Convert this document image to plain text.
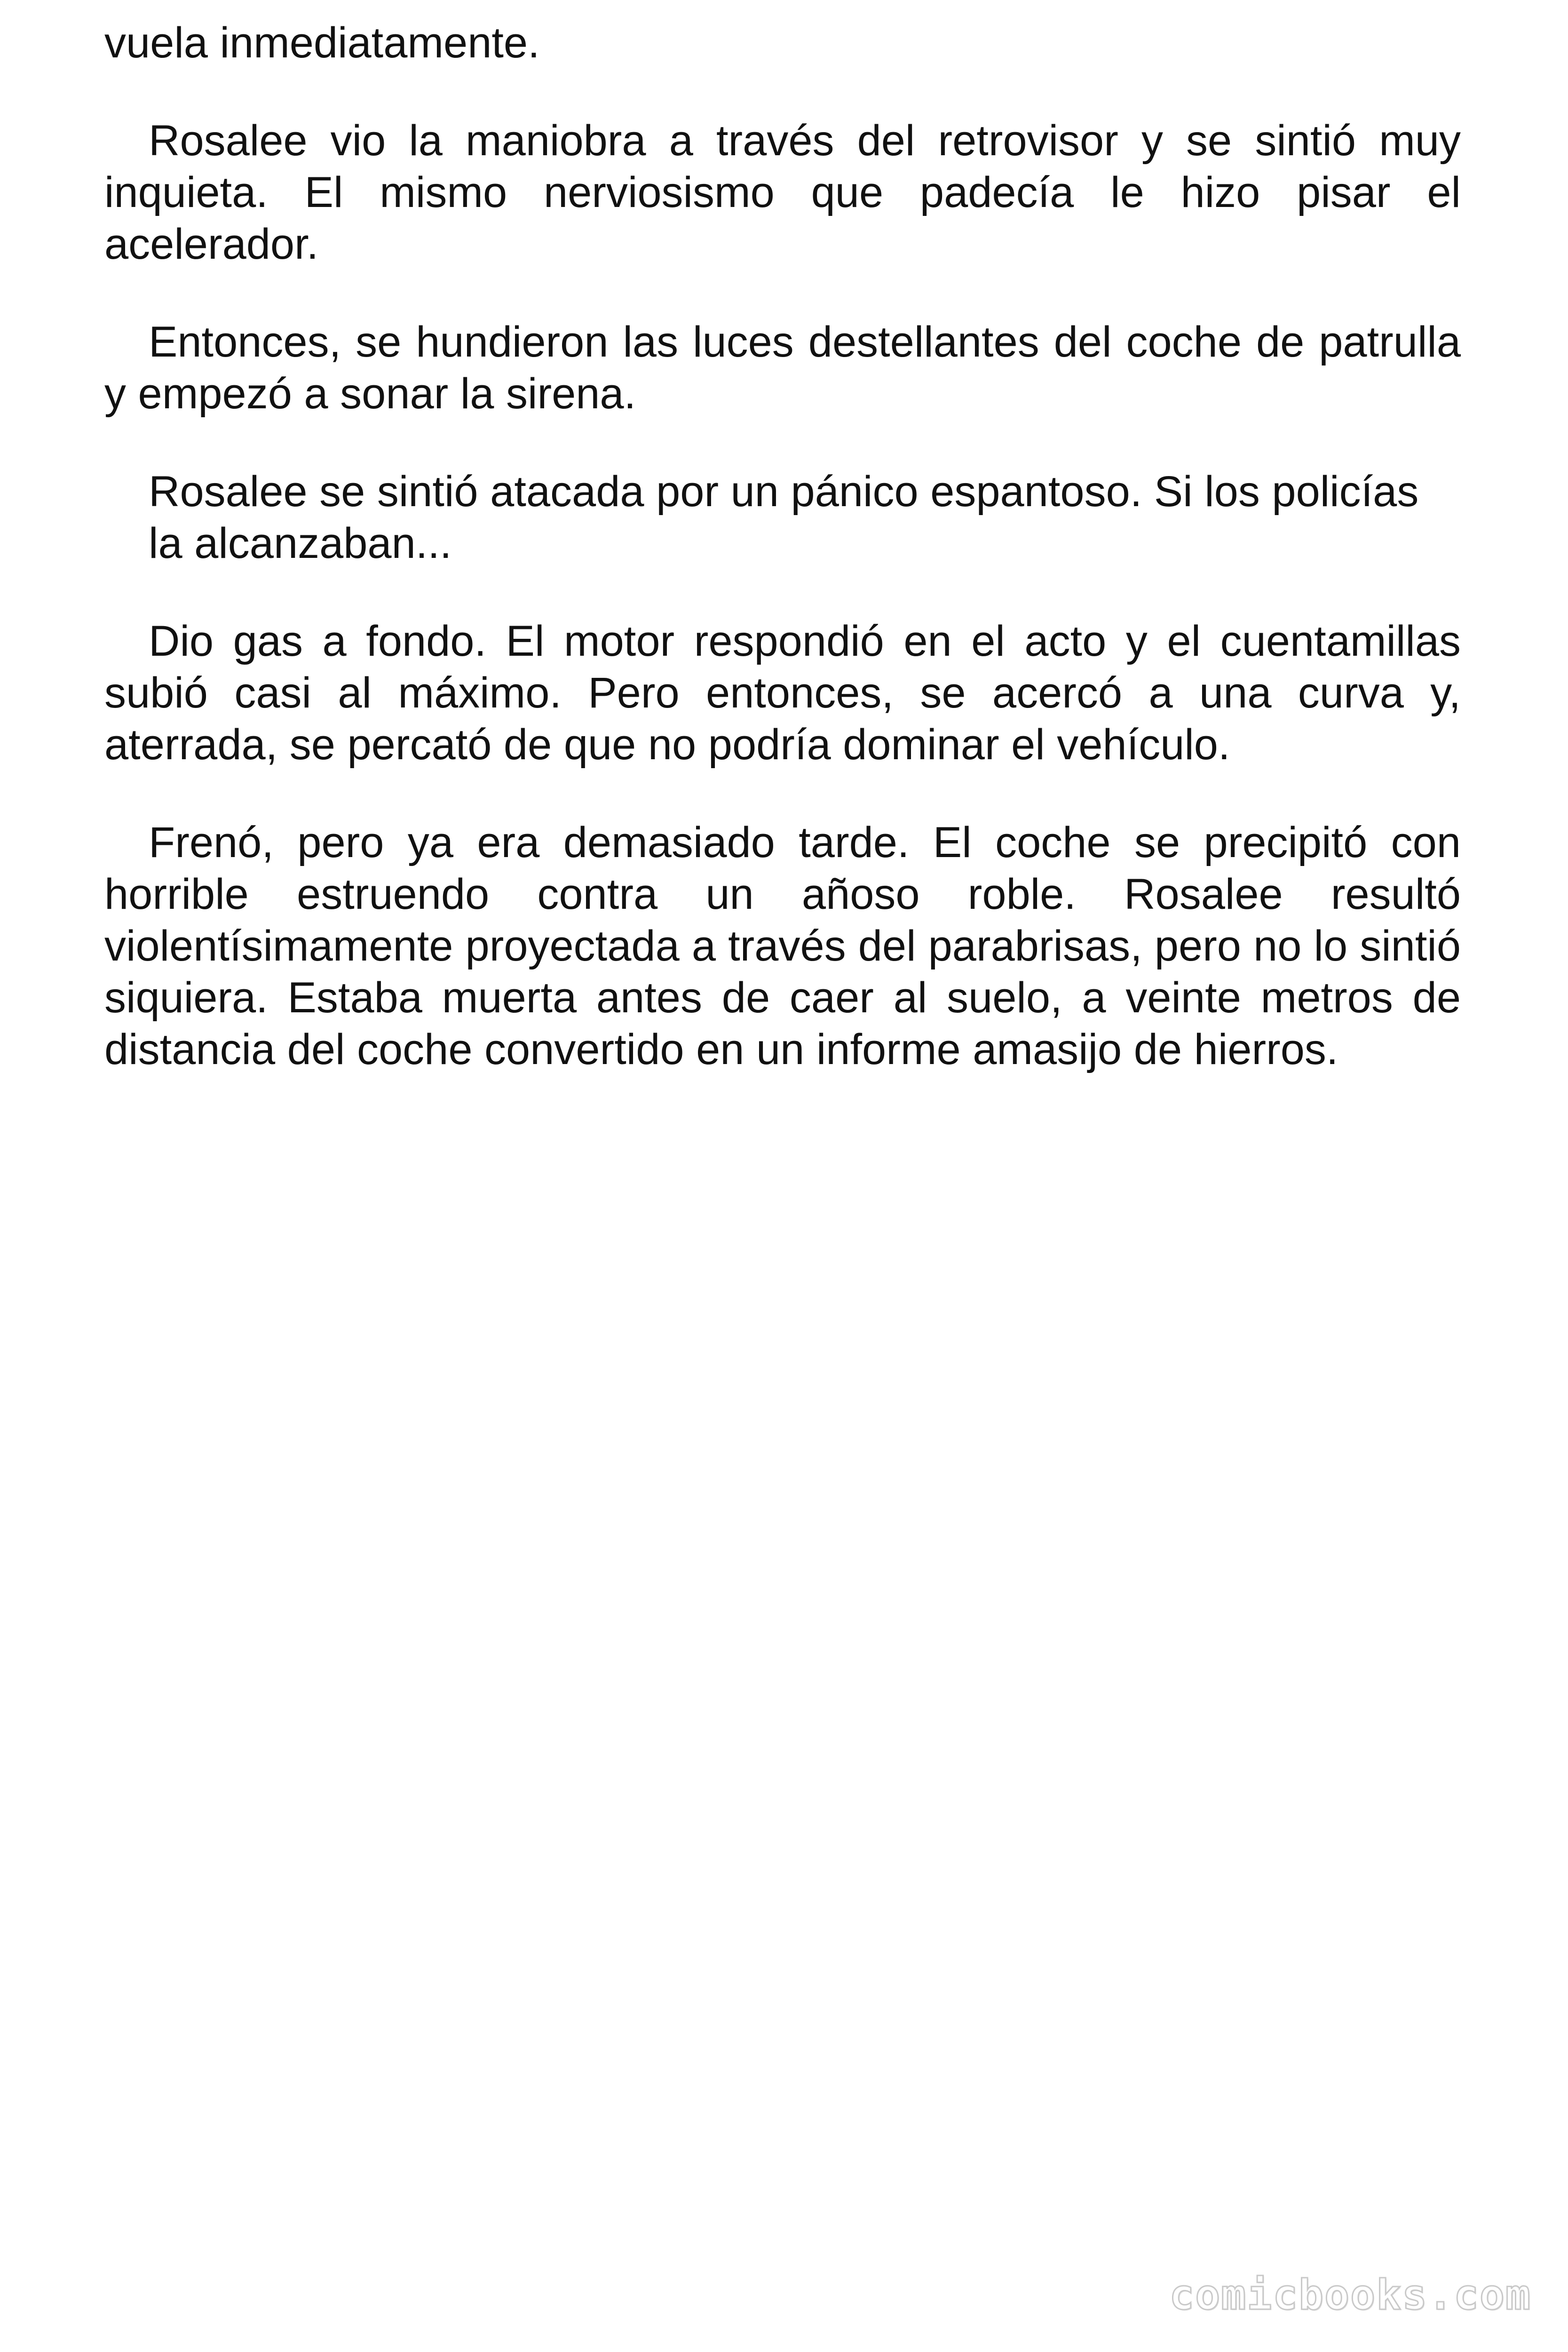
vuela inmediatamente.

Rosalee vio la maniobra a través del retrovisor y se sintió muy inquieta. El mismo nerviosismo que padecía le hizo pisar el acelerador.

Entonces, se hundieron las luces destellantes del coche de patrulla y empezó a sonar la sirena.

Rosalee se sintió atacada por un pánico espantoso. Si los policías la alcanzaban...

Dio gas a fondo. El motor respondió en el acto y el cuentamillas subió casi al máximo. Pero entonces, se acercó a una curva y, aterrada, se percató de que no podría dominar el vehículo.

Frenó, pero ya era demasiado tarde. El coche se precipitó con horrible estruendo contra un añoso roble. Rosalee resultó violentísimamente proyectada a través del parabrisas, pero no lo sintió siquiera. Estaba muerta antes de caer al suelo, a veinte metros de distancia del coche convertido en un informe amasijo de hierros.

comicbooks.com
